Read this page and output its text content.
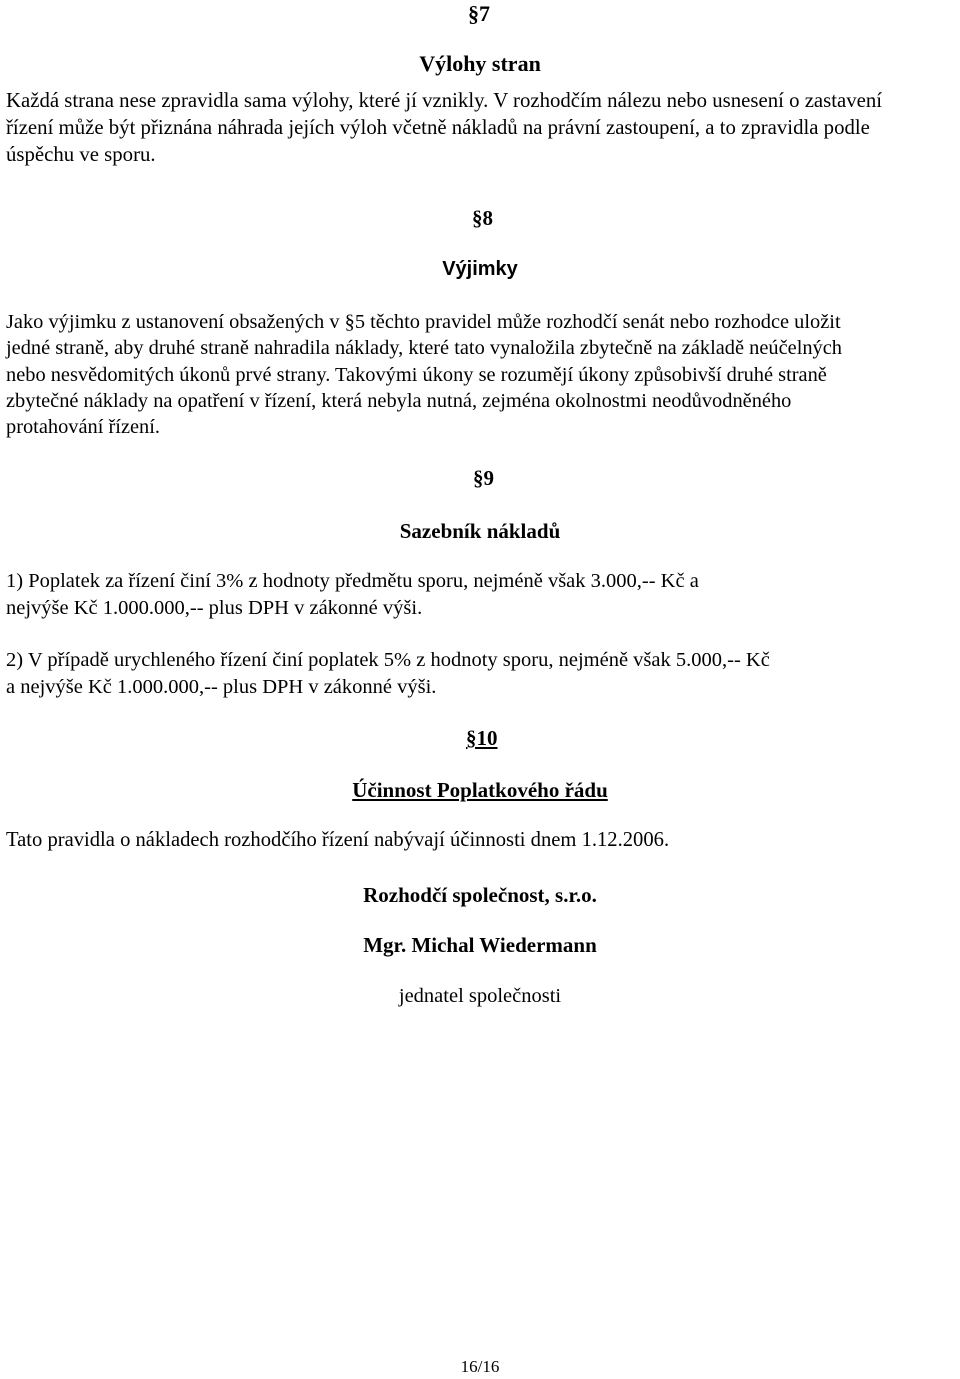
§7
Výlohy stran
Každá strana nese zpravidla sama výlohy, které jí vznikly. V rozhodčím nálezu nebo usnesení o zastavení
řízení může být přiznána náhrada jejích výloh včetně nákladů na právní zastoupení, a to zpravidla podle
úspěchu ve sporu.
§8
Výjimky
Jako výjimku z ustanovení obsažených v §5 těchto pravidel může rozhodčí senát nebo rozhodce uložit
jedné straně, aby druhé straně nahradila náklady, které tato vynaložila zbytečně na základě neúčelných
nebo nesvědomitých úkonů prvé strany. Takovými úkony se rozumějí úkony způsobivší druhé straně
zbytečné náklady na opatření v řízení, která nebyla nutná, zejména okolnostmi neodůvodněného
protahování řízení.
§9
Sazebník nákladů
1) Poplatek za řízení činí 3% z hodnoty předmětu sporu, nejméně však 3.000,-- Kč a
nejvýše Kč 1.000.000,-- plus DPH v zákonné výši.
2) V případě urychleného řízení činí poplatek 5% z hodnoty sporu, nejméně však 5.000,-- Kč
a nejvýše Kč 1.000.000,-- plus DPH v zákonné výši.
§10
Účinnost Poplatkového řádu
Tato pravidla o nákladech rozhodčího řízení nabývají účinnosti dnem 1.12.2006.
Rozhodčí společnost, s.r.o.
Mgr. Michal Wiedermann
jednatel společnosti
16/16
